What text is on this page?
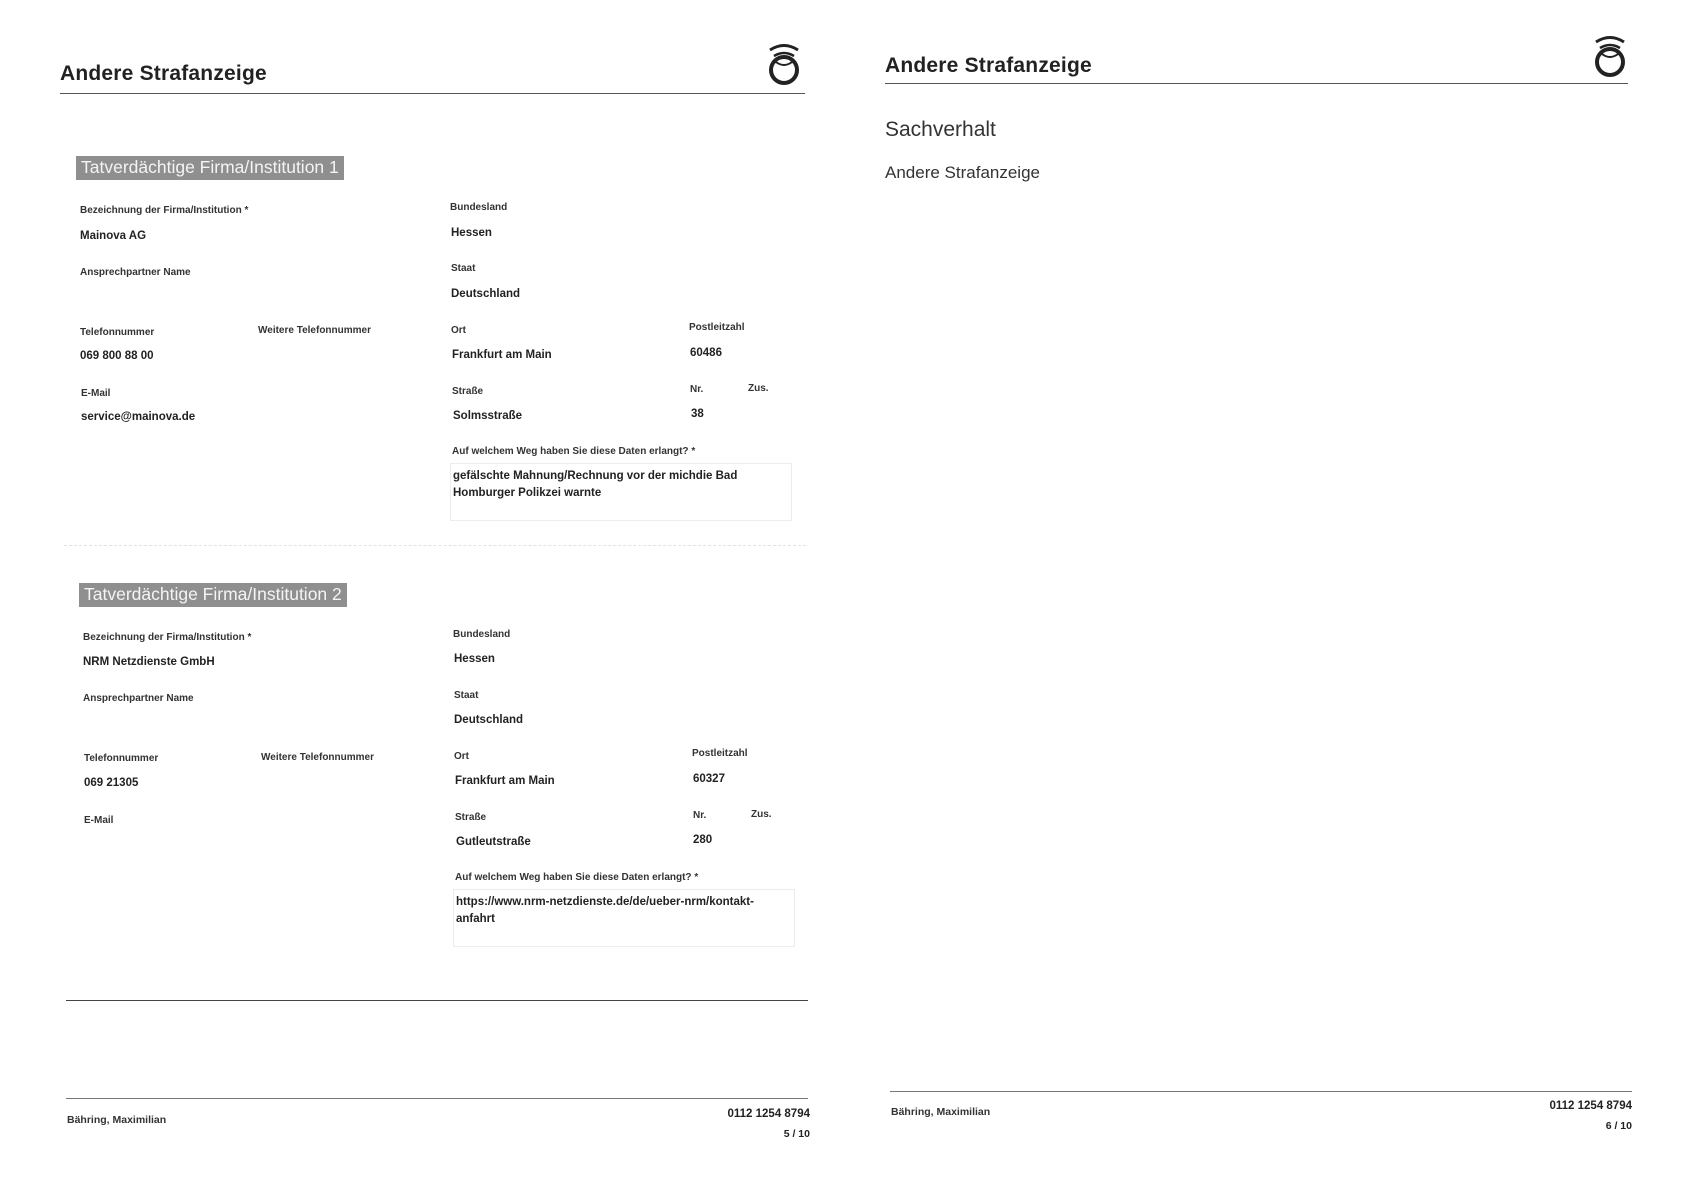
Andere Strafanzeige
Tatverdächtige Firma/Institution 1
Bezeichnung der Firma/Institution *
Mainova AG
Ansprechpartner Name
Telefonnummer
069 800 88 00
Weitere Telefonnummer
E-Mail
service@mainova.de
Bundesland
Hessen
Staat
Deutschland
Ort
Frankfurt am Main
Postleitzahl
60486
Straße
Solmsstraße
Nr.
38
Zus.
Auf welchem Weg haben Sie diese Daten erlangt? *
gefälschte Mahnung/Rechnung vor der michdie Bad Homburger Polikzei warnte
Tatverdächtige Firma/Institution 2
Bezeichnung der Firma/Institution *
NRM Netzdienste GmbH
Ansprechpartner Name
Telefonnummer
069 21305
Weitere Telefonnummer
E-Mail
Bundesland
Hessen
Staat
Deutschland
Ort
Frankfurt am Main
Postleitzahl
60327
Straße
Gutleutstraße
Nr.
280
Zus.
Auf welchem Weg haben Sie diese Daten erlangt? *
https://www.nrm-netzdienste.de/de/ueber-nrm/kontakt-anfahrt
Bähring, Maximilian	0112 1254 8794
5 / 10
Andere Strafanzeige
Sachverhalt
Andere Strafanzeige
Bähring, Maximilian	0112 1254 8794
6 / 10
